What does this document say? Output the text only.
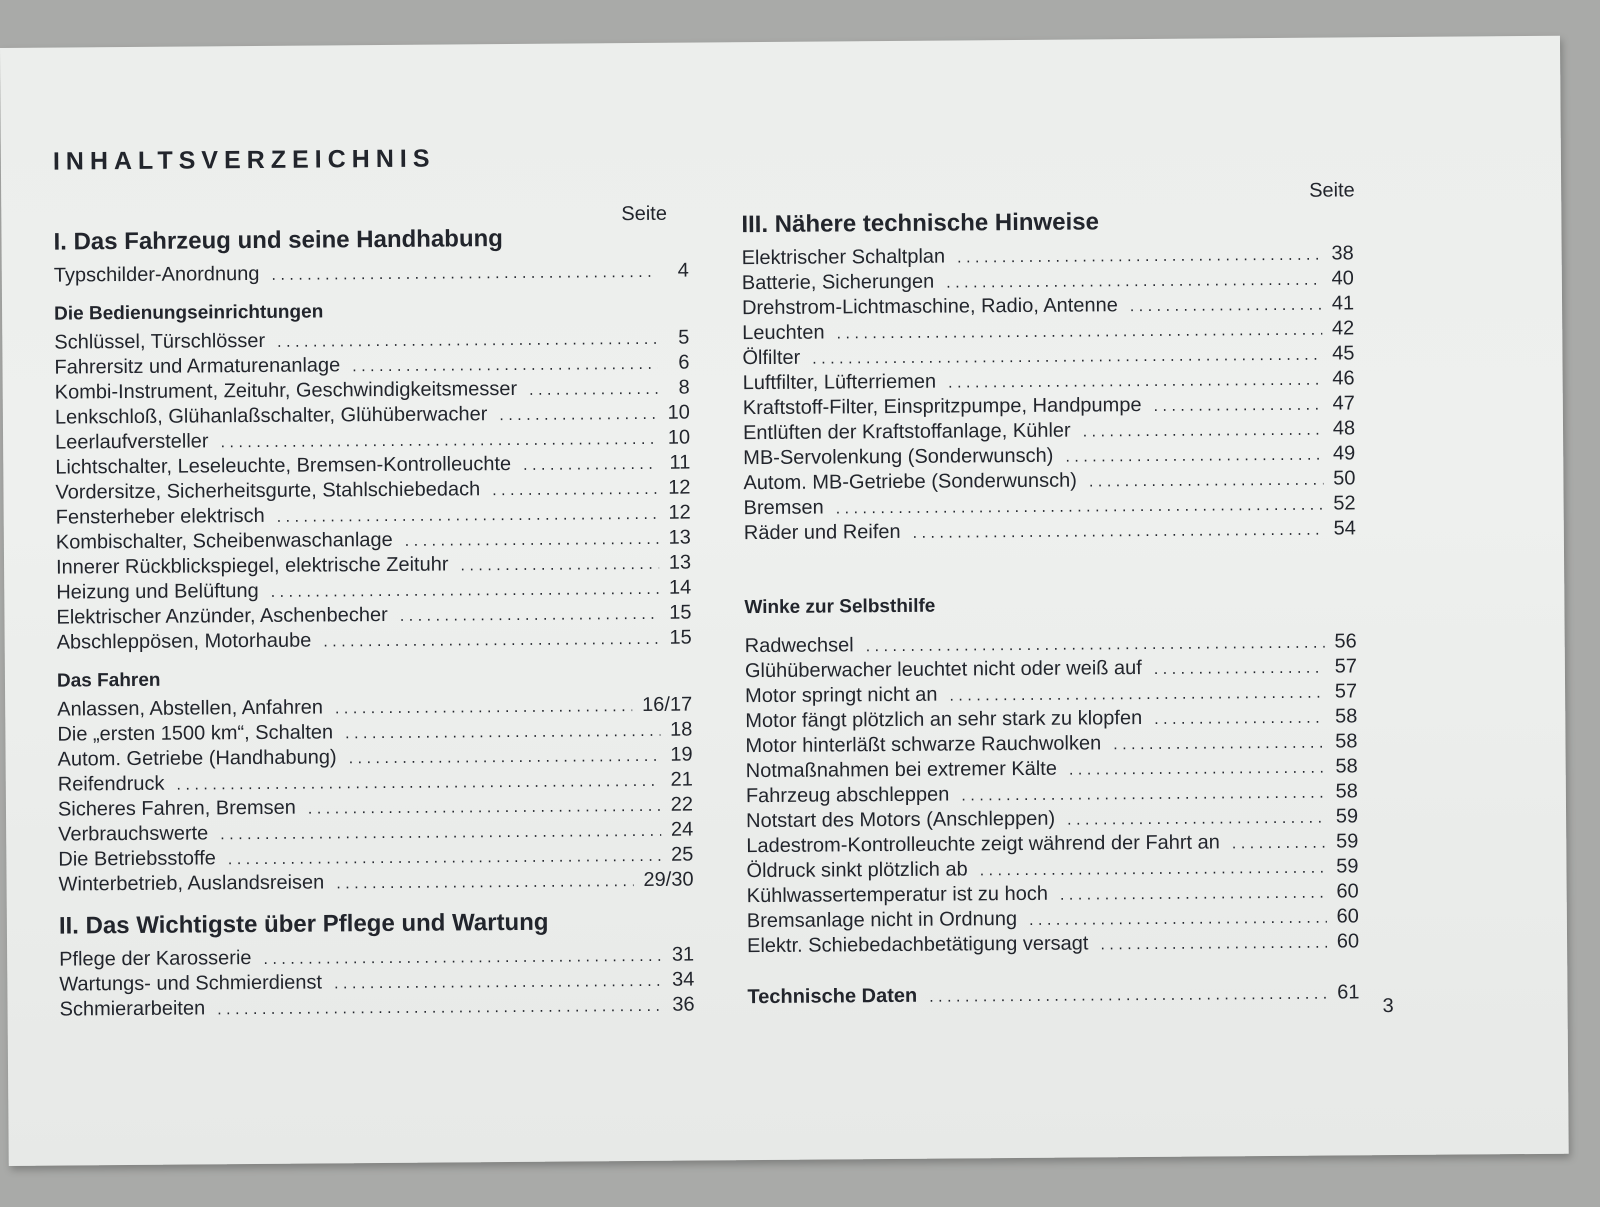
INHALTSVERZEICHNIS
Seite
Seite
I. Das Fahrzeug und seine Handhabung
Typschilder-Anordnung .....	4
Die Bedienungseinrichtungen
Schlüssel, Türschlösser .....	5
Fahrersitz und Armaturenanlage .....	6
Kombi-Instrument, Zeituhr, Geschwindigkeitsmesser .....	8
Lenkschloß, Glühanlaßschalter, Glühüberwacher .....	10
Leerlaufversteller .....	10
Lichtschalter, Leseleuchte, Bremsen-Kontrolleuchte .....	11
Vordersitze, Sicherheitsgurte, Stahlschiebedach .....	12
Fensterheber elektrisch .....	12
Kombischalter, Scheibenwaschanlage .....	13
Innerer Rückblickspiegel, elektrische Zeituhr .....	13
Heizung und Belüftung .....	14
Elektrischer Anzünder, Aschenbecher .....	15
Abschleppösen, Motorhaube .....	15
Das Fahren
Anlassen, Abstellen, Anfahren .....	16/17
Die „ersten 1500 km“, Schalten .....	18
Autom. Getriebe (Handhabung) .....	19
Reifendruck .....	21
Sicheres Fahren, Bremsen .....	22
Verbrauchswerte .....	24
Die Betriebsstoffe .....	25
Winterbetrieb, Auslandsreisen .....	29/30
II. Das Wichtigste über Pflege und Wartung
Pflege der Karosserie .....	31
Wartungs- und Schmierdienst .....	34
Schmierarbeiten .....	36
III. Nähere technische Hinweise
Elektrischer Schaltplan .....	38
Batterie, Sicherungen .....	40
Drehstrom-Lichtmaschine, Radio, Antenne .....	41
Leuchten .....	42
Ölfilter .....	45
Luftfilter, Lüfterriemen .....	46
Kraftstoff-Filter, Einspritzpumpe, Handpumpe .....	47
Entlüften der Kraftstoffanlage, Kühler .....	48
MB-Servolenkung (Sonderwunsch) .....	49
Autom. MB-Getriebe (Sonderwunsch) .....	50
Bremsen .....	52
Räder und Reifen .....	54
Winke zur Selbsthilfe
Radwechsel .....	56
Glühüberwacher leuchtet nicht oder weiß auf .....	57
Motor springt nicht an .....	57
Motor fängt plötzlich an sehr stark zu klopfen .....	58
Motor hinterläßt schwarze Rauchwolken .....	58
Notmaßnahmen bei extremer Kälte .....	58
Fahrzeug abschleppen .....	58
Notstart des Motors (Anschleppen) .....	59
Ladestrom-Kontrolleuchte zeigt während der Fahrt an .....	59
Öldruck sinkt plötzlich ab .....	59
Kühlwassertemperatur ist zu hoch .....	60
Bremsanlage nicht in Ordnung .....	60
Elektr. Schiebedachbetätigung versagt .....	60
Technische Daten .....	61
3
